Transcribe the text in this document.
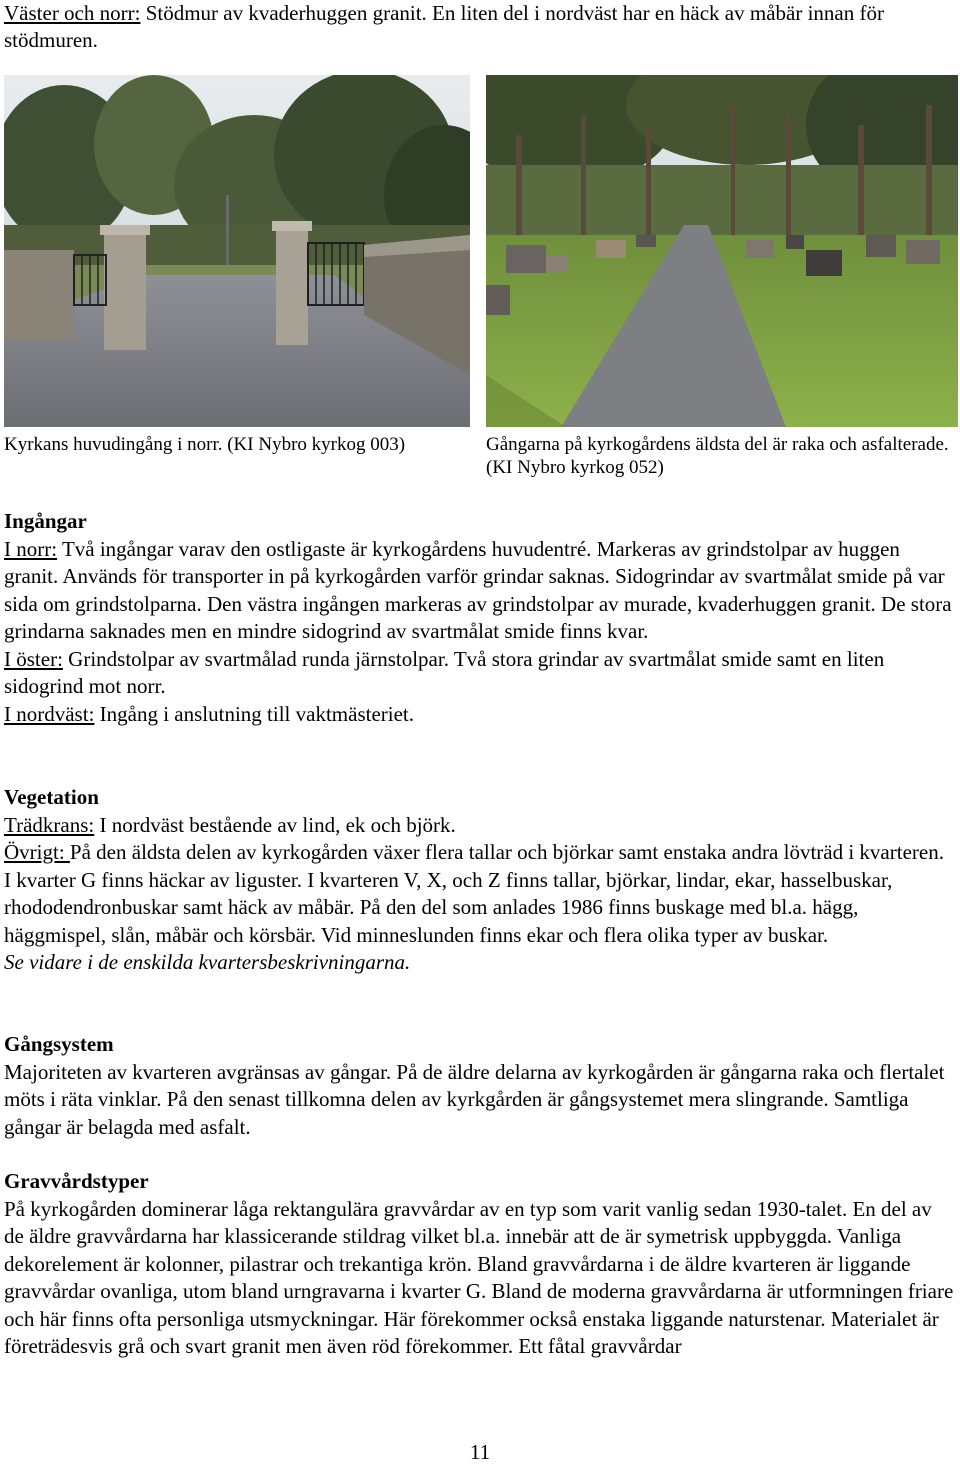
Väster och norr: Stödmur av kvaderhuggen granit. En liten del i nordväst har en häck av måbär innan för stödmuren.
Kyrkans huvudingång i norr. (KI Nybro kyrkog 003)	Gångarna på kyrkogårdens äldsta del är raka och asfalterade. (KI Nybro kyrkog 052)
Ingångar
I norr: Två ingångar varav den ostligaste är kyrkogårdens huvudentré. Markeras av grindstolpar av huggen granit. Används för transporter in på kyrkogården varför grindar saknas. Sidogrindar av svartmålat smide på var sida om grindstolparna. Den västra ingången markeras av grindstolpar av murade, kvaderhuggen granit. De stora grindarna saknades men en mindre sidogrind av svartmålat smide finns kvar.
I öster: Grindstolpar av svartmålad runda järnstolpar. Två stora grindar av svartmålat smide samt en liten sidogrind mot norr.
I nordväst: Ingång i anslutning till vaktmästeriet.
Vegetation
Trädkrans: I nordväst bestående av lind, ek och björk.
Övrigt: På den äldsta delen av kyrkogården växer flera tallar och björkar samt enstaka andra lövträd i kvarteren. I kvarter G finns häckar av liguster. I kvarteren V, X, och Z finns tallar, björkar, lindar, ekar, hasselbuskar, rhododendronbuskar samt häck av måbär. På den del som anlades 1986 finns buskage med bl.a. hägg, häggmispel, slån, måbär och körsbär. Vid minneslunden finns ekar och flera olika typer av buskar.
Se vidare i de enskilda kvartersbeskrivningarna.
Gångsystem
Majoriteten av kvarteren avgränsas av gångar. På de äldre delarna av kyrkogården är gångarna raka och flertalet möts i räta vinklar. På den senast tillkomna delen av kyrkgården är gångsystemet mera slingrande. Samtliga gångar är belagda med asfalt.
Gravvårdstyper
På kyrkogården dominerar låga rektangulära gravvårdar av en typ som varit vanlig sedan 1930-talet. En del av de äldre gravvårdarna har klassicerande stildrag vilket bl.a. innebär att de är symetrisk uppbyggda. Vanliga dekorelement är kolonner, pilastrar och trekantiga krön. Bland gravvårdarna i de äldre kvarteren är liggande gravvårdar ovanliga, utom bland urngravarna i kvarter G. Bland de moderna gravvårdarna är utformningen friare och här finns ofta personliga utsmyckningar. Här förekommer också enstaka liggande naturstenar. Materialet är företrädesvis grå och svart granit men även röd förekommer. Ett fåtal gravvårdar
11
